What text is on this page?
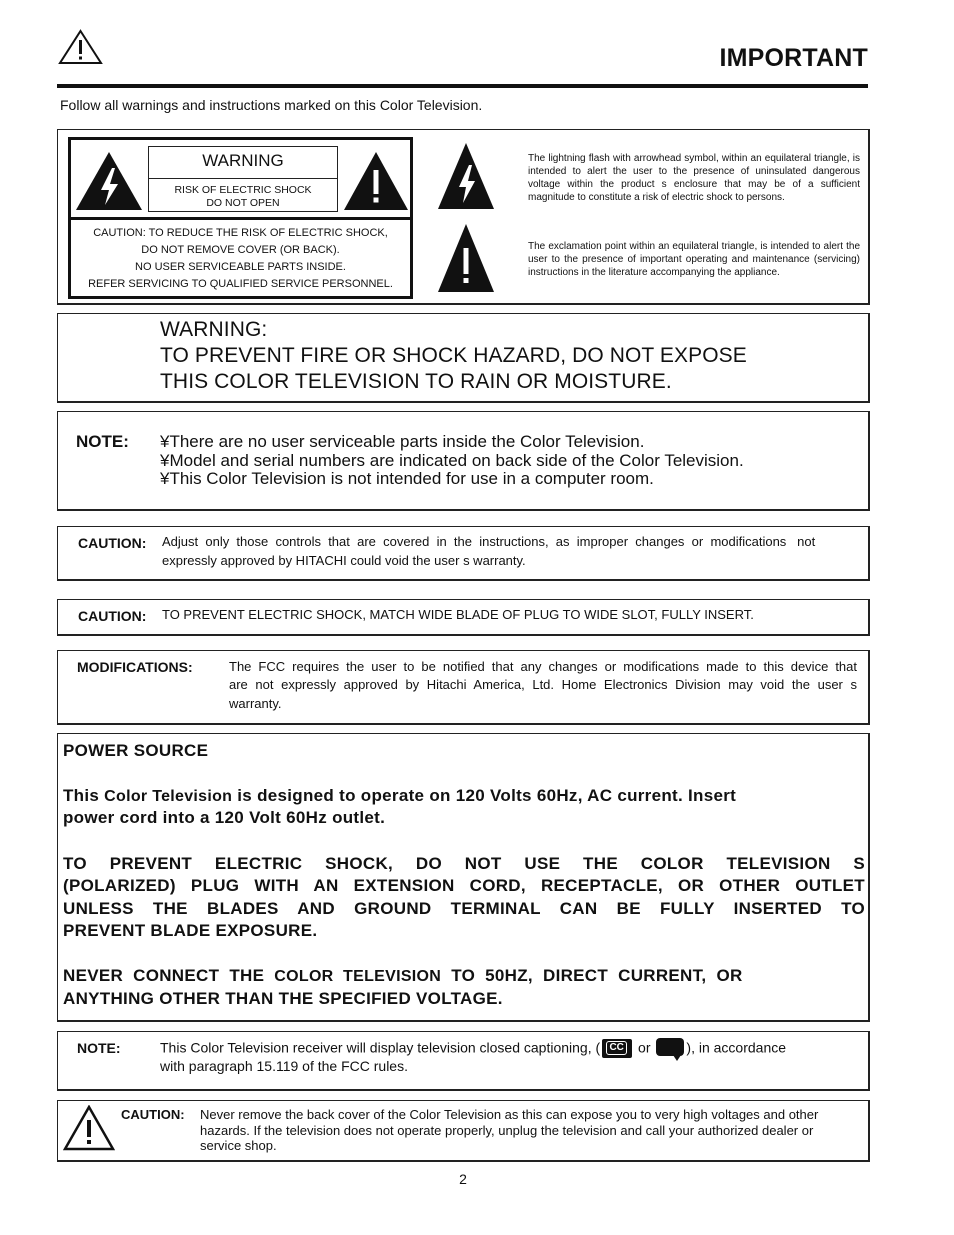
IMPORTANT
Follow all warnings and instructions marked on this Color Television.
WARNING
RISK OF ELECTRIC SHOCK
DO NOT OPEN
CAUTION: TO REDUCE THE RISK OF ELECTRIC SHOCK,
DO NOT REMOVE COVER (OR BACK).
NO USER SERVICEABLE PARTS INSIDE.
REFER SERVICING TO QUALIFIED SERVICE PERSONNEL.
The lightning flash with arrowhead symbol, within an equilateral triangle, is intended to alert the user to the presence of uninsulated dangerous voltage within the product s enclosure that may be of a sufficient magnitude to constitute a risk of electric shock to persons.
The exclamation point within an equilateral triangle, is intended to alert the user to the presence of important operating and maintenance (servicing) instructions in the literature accompanying the appliance.
WARNING:
TO PREVENT FIRE OR SHOCK HAZARD, DO NOT EXPOSE
THIS COLOR TELEVISION TO RAIN OR MOISTURE.
NOTE: ¥There are no user serviceable parts inside the Color Television.
¥Model and serial numbers are indicated on back side of the Color Television.
¥This Color Television is not intended for use in a computer room.
CAUTION: Adjust  only  those  controls  that  are  covered  in  the  instructions,  as  improper  changes  or  modifications   not
expressly approved by HITACHI could void the user s warranty.
CAUTION: TO PREVENT ELECTRIC SHOCK, MATCH WIDE BLADE OF PLUG TO WIDE SLOT, FULLY INSERT.
MODIFICATIONS:	The FCC requires the user to be notified that any changes or modifications made to this device that
are not expressly approved by Hitachi America, Ltd. Home Electronics Division may void the user s
warranty.
POWER SOURCE
This Color Television is designed to operate on 120 Volts 60Hz, AC current. Insert
power cord into a 120 Volt 60Hz outlet.
TO PREVENT ELECTRIC SHOCK, DO NOT USE THE COLOR TELEVISION S
(POLARIZED) PLUG WITH AN EXTENSION CORD, RECEPTACLE, OR OTHER OUTLET
UNLESS THE BLADES AND GROUND TERMINAL CAN BE FULLY INSERTED TO
PREVENT BLADE EXPOSURE.
NEVER  CONNECT  THE  COLOR  TELEVISION  TO  50HZ,  DIRECT  CURRENT,  OR
ANYTHING OTHER THAN THE SPECIFIED VOLTAGE.
NOTE:	This Color Television receiver will display television closed captioning, ( CC or ), in accordance
with paragraph 15.119 of the FCC rules.
CAUTION: Never remove the back cover of the Color Television as this can expose you to very high voltages and other
hazards. If the television does not operate properly, unplug the television and call your authorized dealer or
service shop.
2
